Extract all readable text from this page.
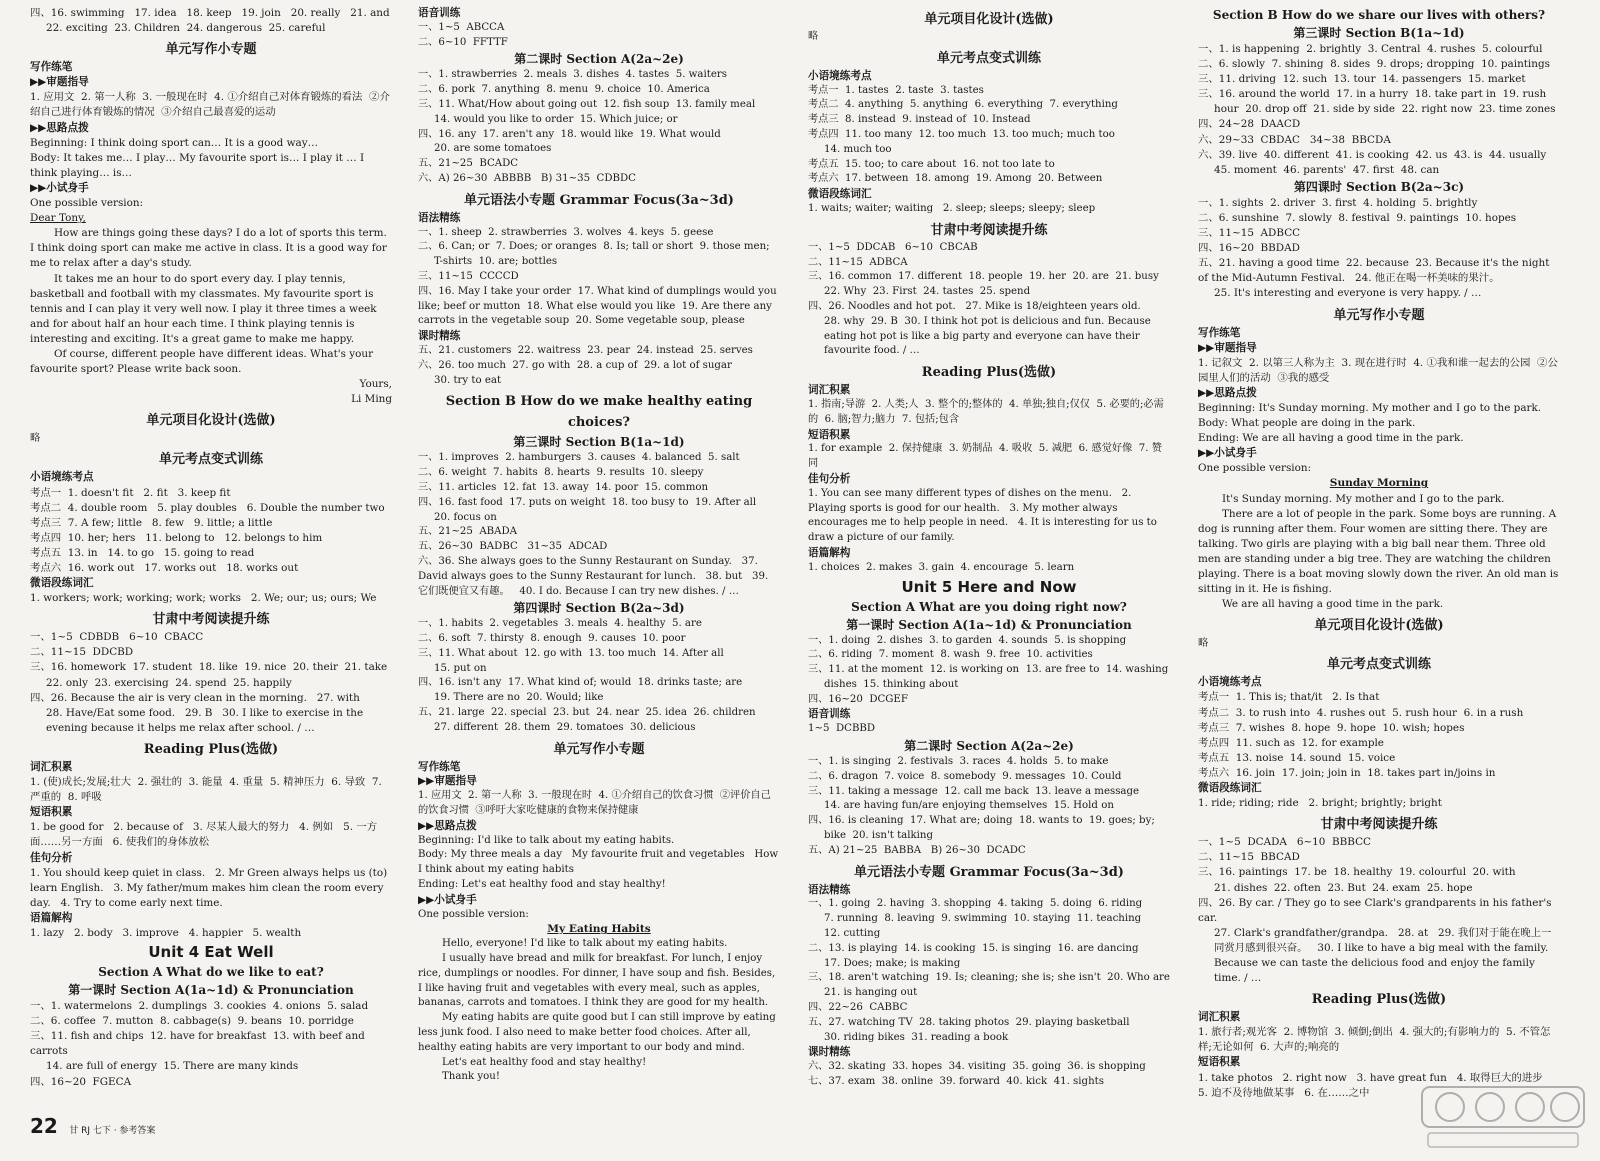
四、16. swimming   17. idea   18. keep   19. join   20. really   21. and
22. exciting  23. Children  24. dangerous  25. careful
单元写作小专题
写作练笔
▶▶审题指导
1. 应用文  2. 第一人称  3. 一般现在时  4. ①介绍自己对体育锻炼的看法  ②介绍自己进行体育锻炼的情况  ③介绍自己最喜爱的运动
▶▶思路点拨
Beginning: I think doing sport can… It is a good way…
Body: It takes me… I play… My favourite sport is… I play it … I think playing… is…
▶▶小试身手
One possible version:
Dear Tony,
How are things going these days? I do a lot of sports this term. I think doing sport can make me active in class. It is a good way for me to relax after a day's study.
It takes me an hour to do sport every day. I play tennis, basketball and football with my classmates. My favourite sport is tennis and I can play it very well now. I play it three times a week and for about half an hour each time. I think playing tennis is interesting and exciting. It's a great game to make me happy.
Of course, different people have different ideas. What's your favourite sport? Please write back soon.
Yours,
Li Ming
单元项目化设计(选做)
略
单元考点变式训练
小语境练考点
考点一  1. doesn't fit   2. fit   3. keep fit
考点二  4. double room   5. play doubles   6. Double the number two
考点三  7. A few; little   8. few   9. little; a little
考点四  10. her; hers   11. belong to   12. belongs to him
考点五  13. in   14. to go   15. going to read
考点六  16. work out   17. works out   18. works out
微语段练词汇
1. workers; work; working; work; works   2. We; our; us; ours; We
甘肃中考阅读提升练
一、1~5  CDBDB   6~10  CBACC
二、11~15  DDCBD
三、16. homework  17. student  18. like  19. nice  20. their  21. take
22. only  23. exercising  24. spend  25. happily
四、26. Because the air is very clean in the morning.   27. with
28. Have/Eat some food.   29. B   30. I like to exercise in the evening because it helps me relax after school. / …
Reading Plus(选做)
词汇积累
1. (使)成长;发展;壮大  2. 强壮的  3. 能量  4. 重量  5. 精神压力  6. 导致  7. 严重的  8. 呼吸
短语积累
1. be good for   2. because of   3. 尽某人最大的努力   4. 例如   5. 一方面……另一方面   6. 使我们的身体放松
佳句分析
1. You should keep quiet in class.   2. Mr Green always helps us (to) learn English.   3. My father/mum makes him clean the room every day.   4. Try to come early next time.
语篇解构
1. lazy   2. body   3. improve   4. happier   5. wealth
Unit 4 Eat Well
Section A What do we like to eat?
第一课时 Section A(1a~1d) & Pronunciation
一、1. watermelons  2. dumplings  3. cookies  4. onions  5. salad
二、6. coffee  7. mutton  8. cabbage(s)  9. beans  10. porridge
三、11. fish and chips  12. have for breakfast  13. with beef and carrots
14. are full of energy  15. There are many kinds
四、16~20  FGECA
语音训练
一、1~5  ABCCA
二、6~10  FFTTF
第二课时 Section A(2a~2e)
一、1. strawberries  2. meals  3. dishes  4. tastes  5. waiters
二、6. pork  7. anything  8. menu  9. choice  10. America
三、11. What/How about going out  12. fish soup  13. family meal
14. would you like to order  15. Which juice; or
四、16. any  17. aren't any  18. would like  19. What would
20. are some tomatoes
五、21~25  BCADC
六、A) 26~30  ABBBB   B) 31~35  CDBDC
单元语法小专题 Grammar Focus(3a~3d)
语法精练
一、1. sheep  2. strawberries  3. wolves  4. keys  5. geese
二、6. Can; or  7. Does; or oranges  8. Is; tall or short  9. those men;
T-shirts  10. are; bottles
三、11~15  CCCCD
四、16. May I take your order  17. What kind of dumplings would you like; beef or mutton  18. What else would you like  19. Are there any carrots in the vegetable soup  20. Some vegetable soup, please
课时精练
五、21. customers  22. waitress  23. pear  24. instead  25. serves
六、26. too much  27. go with  28. a cup of  29. a lot of sugar
30. try to eat
Section B How do we make healthy eating choices?
第三课时 Section B(1a~1d)
一、1. improves  2. hamburgers  3. causes  4. balanced  5. salt
二、6. weight  7. habits  8. hearts  9. results  10. sleepy
三、11. articles  12. fat  13. away  14. poor  15. common
四、16. fast food  17. puts on weight  18. too busy to  19. After all
20. focus on
五、21~25  ABADA
五、26~30  BADBC   31~35  ADCAD
六、36. She always goes to the Sunny Restaurant on Sunday.   37. David always goes to the Sunny Restaurant for lunch.   38. but   39. 它们既便宜又有趣。   40. I do. Because I can try new dishes. / …
第四课时 Section B(2a~3d)
一、1. habits  2. vegetables  3. meals  4. healthy  5. are
二、6. soft  7. thirsty  8. enough  9. causes  10. poor
三、11. What about  12. go with  13. too much  14. After all
15. put on
四、16. isn't any  17. What kind of; would  18. drinks taste; are
19. There are no  20. Would; like
五、21. large  22. special  23. but  24. near  25. idea  26. children
27. different  28. them  29. tomatoes  30. delicious
单元写作小专题
写作练笔
▶▶审题指导
1. 应用文  2. 第一人称  3. 一般现在时  4. ①介绍自己的饮食习惯  ②评价自己的饮食习惯  ③呼吁大家吃健康的食物来保持健康
▶▶思路点拨
Beginning: I'd like to talk about my eating habits.
Body: My three meals a day   My favourite fruit and vegetables   How I think about my eating habits
Ending: Let's eat healthy food and stay healthy!
▶▶小试身手
One possible version:
My Eating Habits
Hello, everyone! I'd like to talk about my eating habits.
I usually have bread and milk for breakfast. For lunch, I enjoy rice, dumplings or noodles. For dinner, I have soup and fish. Besides, I like having fruit and vegetables with every meal, such as apples, bananas, carrots and tomatoes. I think they are good for my health.
My eating habits are quite good but I can still improve by eating less junk food. I also need to make better food choices. After all, healthy eating habits are very important to our body and mind.
Let's eat healthy food and stay healthy!
Thank you!
单元项目化设计(选做)
略
单元考点变式训练
小语境练考点
考点一  1. tastes  2. taste  3. tastes
考点二  4. anything  5. anything  6. everything  7. everything
考点三  8. instead  9. instead of  10. Instead
考点四  11. too many  12. too much  13. too much; much too
14. much too
考点五  15. too; to care about  16. not too late to
考点六  17. between  18. among  19. Among  20. Between
微语段练词汇
1. waits; waiter; waiting   2. sleep; sleeps; sleepy; sleep
甘肃中考阅读提升练
一、1~5  DDCAB   6~10  CBCAB
二、11~15  ADBCA
三、16. common  17. different  18. people  19. her  20. are  21. busy
22. Why  23. First  24. tastes  25. spend
四、26. Noodles and hot pot.   27. Mike is 18/eighteen years old.
28. why  29. B  30. I think hot pot is delicious and fun. Because eating hot pot is like a big party and everyone can have their favourite food. / …
Reading Plus(选做)
词汇积累
1. 指南;导游  2. 人类;人  3. 整个的;整体的  4. 单独;独自;仅仅  5. 必要的;必需的  6. 脑;智力;脑力  7. 包括;包含
短语积累
1. for example  2. 保持健康  3. 奶制品  4. 吸收  5. 减肥  6. 感觉好像  7. 赞同
佳句分析
1. You can see many different types of dishes on the menu.   2. Playing sports is good for our health.   3. My mother always encourages me to help people in need.   4. It is interesting for us to draw a picture of our family.
语篇解构
1. choices  2. makes  3. gain  4. encourage  5. learn
Unit 5 Here and Now
Section A What are you doing right now?
第一课时 Section A(1a~1d) & Pronunciation
一、1. doing  2. dishes  3. to garden  4. sounds  5. is shopping
二、6. riding  7. moment  8. wash  9. free  10. activities
三、11. at the moment  12. is working on  13. are free to  14. washing
dishes  15. thinking about
四、16~20  DCGEF
语音训练
1~5  DCBBD
第二课时 Section A(2a~2e)
一、1. is singing  2. festivals  3. races  4. holds  5. to make
二、6. dragon  7. voice  8. somebody  9. messages  10. Could
三、11. taking a message  12. call me back  13. leave a message
14. are having fun/are enjoying themselves  15. Hold on
四、16. is cleaning  17. What are; doing  18. wants to  19. goes; by;
bike  20. isn't talking
五、A) 21~25  BABBA   B) 26~30  DCADC
单元语法小专题 Grammar Focus(3a~3d)
语法精练
一、1. going  2. having  3. shopping  4. taking  5. doing  6. riding
7. running  8. leaving  9. swimming  10. staying  11. teaching
12. cutting
二、13. is playing  14. is cooking  15. is singing  16. are dancing
17. Does; make; is making
三、18. aren't watching  19. Is; cleaning; she is; she isn't  20. Who are
21. is hanging out
四、22~26  CABBC
五、27. watching TV  28. taking photos  29. playing basketball
30. riding bikes  31. reading a book
课时精练
六、32. skating  33. hopes  34. visiting  35. going  36. is shopping
七、37. exam  38. online  39. forward  40. kick  41. sights
Section B How do we share our lives with others?
第三课时 Section B(1a~1d)
一、1. is happening  2. brightly  3. Central  4. rushes  5. colourful
二、6. slowly  7. shining  8. sides  9. drops; dropping  10. paintings
三、11. driving  12. such  13. tour  14. passengers  15. market
三、16. around the world  17. in a hurry  18. take part in  19. rush
hour  20. drop off  21. side by side  22. right now  23. time zones
四、24~28  DAACD
六、29~33  CBDAC   34~38  BBCDA
六、39. live  40. different  41. is cooking  42. us  43. is  44. usually
45. moment  46. parents'  47. first  48. can
第四课时 Section B(2a~3c)
一、1. sights  2. driver  3. first  4. holding  5. brightly
二、6. sunshine  7. slowly  8. festival  9. paintings  10. hopes
三、11~15  ADBCC
四、16~20  BBDAD
五、21. having a good time  22. because  23. Because it's the night of the Mid-Autumn Festival.   24. 他正在喝一杯美味的果汁。
25. It's interesting and everyone is very happy. / …
单元写作小专题
写作练笔
▶▶审题指导
1. 记叙文  2. 以第三人称为主  3. 现在进行时  4. ①我和谁一起去的公园  ②公园里人们的活动  ③我的感受
▶▶思路点拨
Beginning: It's Sunday morning. My mother and I go to the park.
Body: What people are doing in the park.
Ending: We are all having a good time in the park.
▶▶小试身手
One possible version:
Sunday Morning
It's Sunday morning. My mother and I go to the park.
There are a lot of people in the park. Some boys are running. A dog is running after them. Four women are sitting there. They are talking. Two girls are playing with a big ball near them. Three old men are standing under a big tree. They are watching the children playing. There is a boat moving slowly down the river. An old man is sitting in it. He is fishing.
We are all having a good time in the park.
单元项目化设计(选做)
略
单元考点变式训练
小语境练考点
考点一  1. This is; that/it   2. Is that
考点二  3. to rush into  4. rushes out  5. rush hour  6. in a rush
考点三  7. wishes  8. hope  9. hope  10. wish; hopes
考点四  11. such as  12. for example
考点五  13. noise  14. sound  15. voice
考点六  16. join  17. join; join in  18. takes part in/joins in
微语段练词汇
1. ride; riding; ride   2. bright; brightly; bright
甘肃中考阅读提升练
一、1~5  DCADA   6~10  BBBCC
二、11~15  BBCAD
三、16. paintings  17. be  18. healthy  19. colourful  20. with
21. dishes  22. often  23. But  24. exam  25. hope
四、26. By car. / They go to see Clark's grandparents in his father's car.
27. Clark's grandfather/grandpa.   28. at   29. 我们对于能在晚上一同赏月感到很兴奋。   30. I like to have a big meal with the family. Because we can taste the delicious food and enjoy the family time. / …
Reading Plus(选做)
词汇积累
1. 旅行者;观光客  2. 博物馆  3. 倾倒;倒出  4. 强大的;有影响力的  5. 不管怎样;无论如何  6. 大声的;响亮的
短语积累
1. take photos   2. right now   3. have great fun   4. 取得巨大的进步
5. 迫不及待地做某事   6. 在……之中
22 甘 RJ 七下 · 参考答案
